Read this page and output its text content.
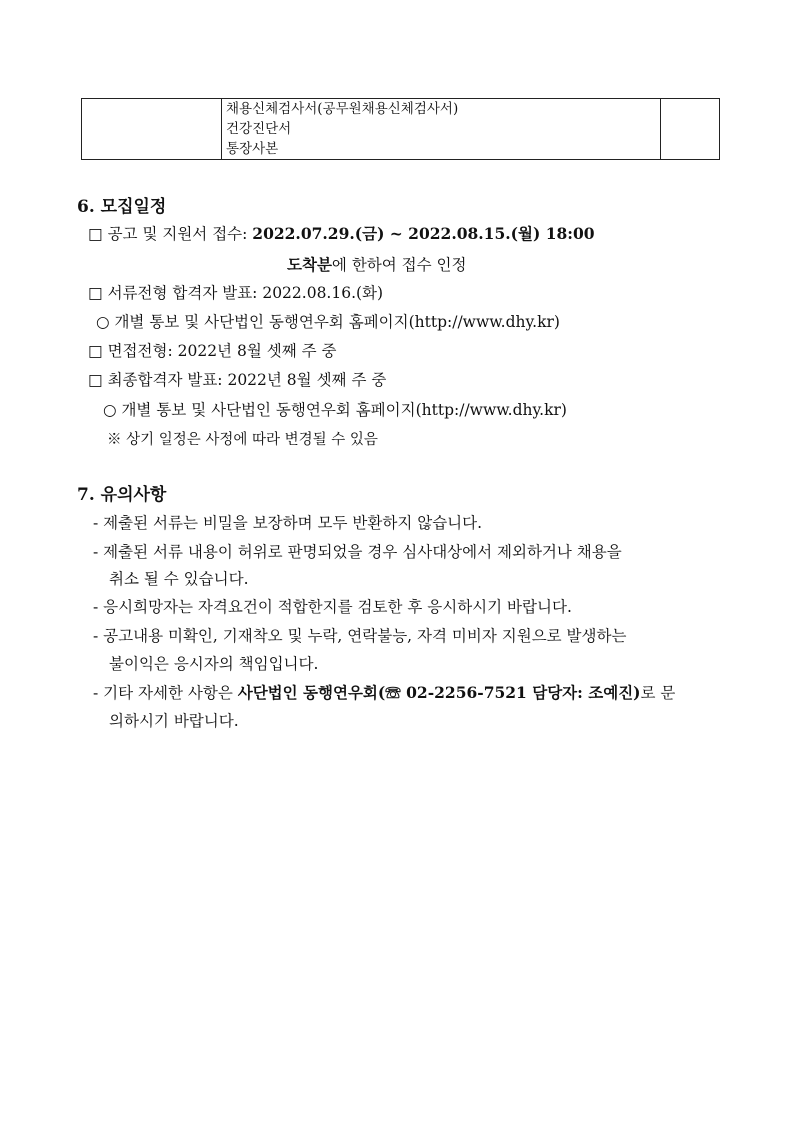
채용신체검사서(공무원채용신체검사서)
건강진단서
통장사본
6. 모집일정
□ 공고 및 지원서 접수: 2022.07.29.(금) ~ 2022.08.15.(월) 18:00
도착분에 한하여 접수 인정
□ 서류전형 합격자 발표: 2022.08.16.(화)
○ 개별 통보 및 사단법인 동행연우회 홈페이지(http://www.dhy.kr)
□ 면접전형: 2022년 8월 셋째 주 중
□ 최종합격자 발표: 2022년 8월 셋째 주 중
○ 개별 통보 및 사단법인 동행연우회 홈페이지(http://www.dhy.kr)
※ 상기 일정은 사정에 따라 변경될 수 있음
7. 유의사항
- 제출된 서류는 비밀을 보장하며 모두 반환하지 않습니다.
- 제출된 서류 내용이 허위로 판명되었을 경우 심사대상에서 제외하거나 채용을
취소 될 수 있습니다.
- 응시희망자는 자격요건이 적합한지를 검토한 후 응시하시기 바랍니다.
- 공고내용 미확인, 기재착오 및 누락, 연락불능, 자격 미비자 지원으로 발생하는
불이익은 응시자의 책임입니다.
- 기타 자세한 사항은 사단법인 동행연우회(☏ 02-2256-7521 담당자: 조예진)로 문
의하시기 바랍니다.
